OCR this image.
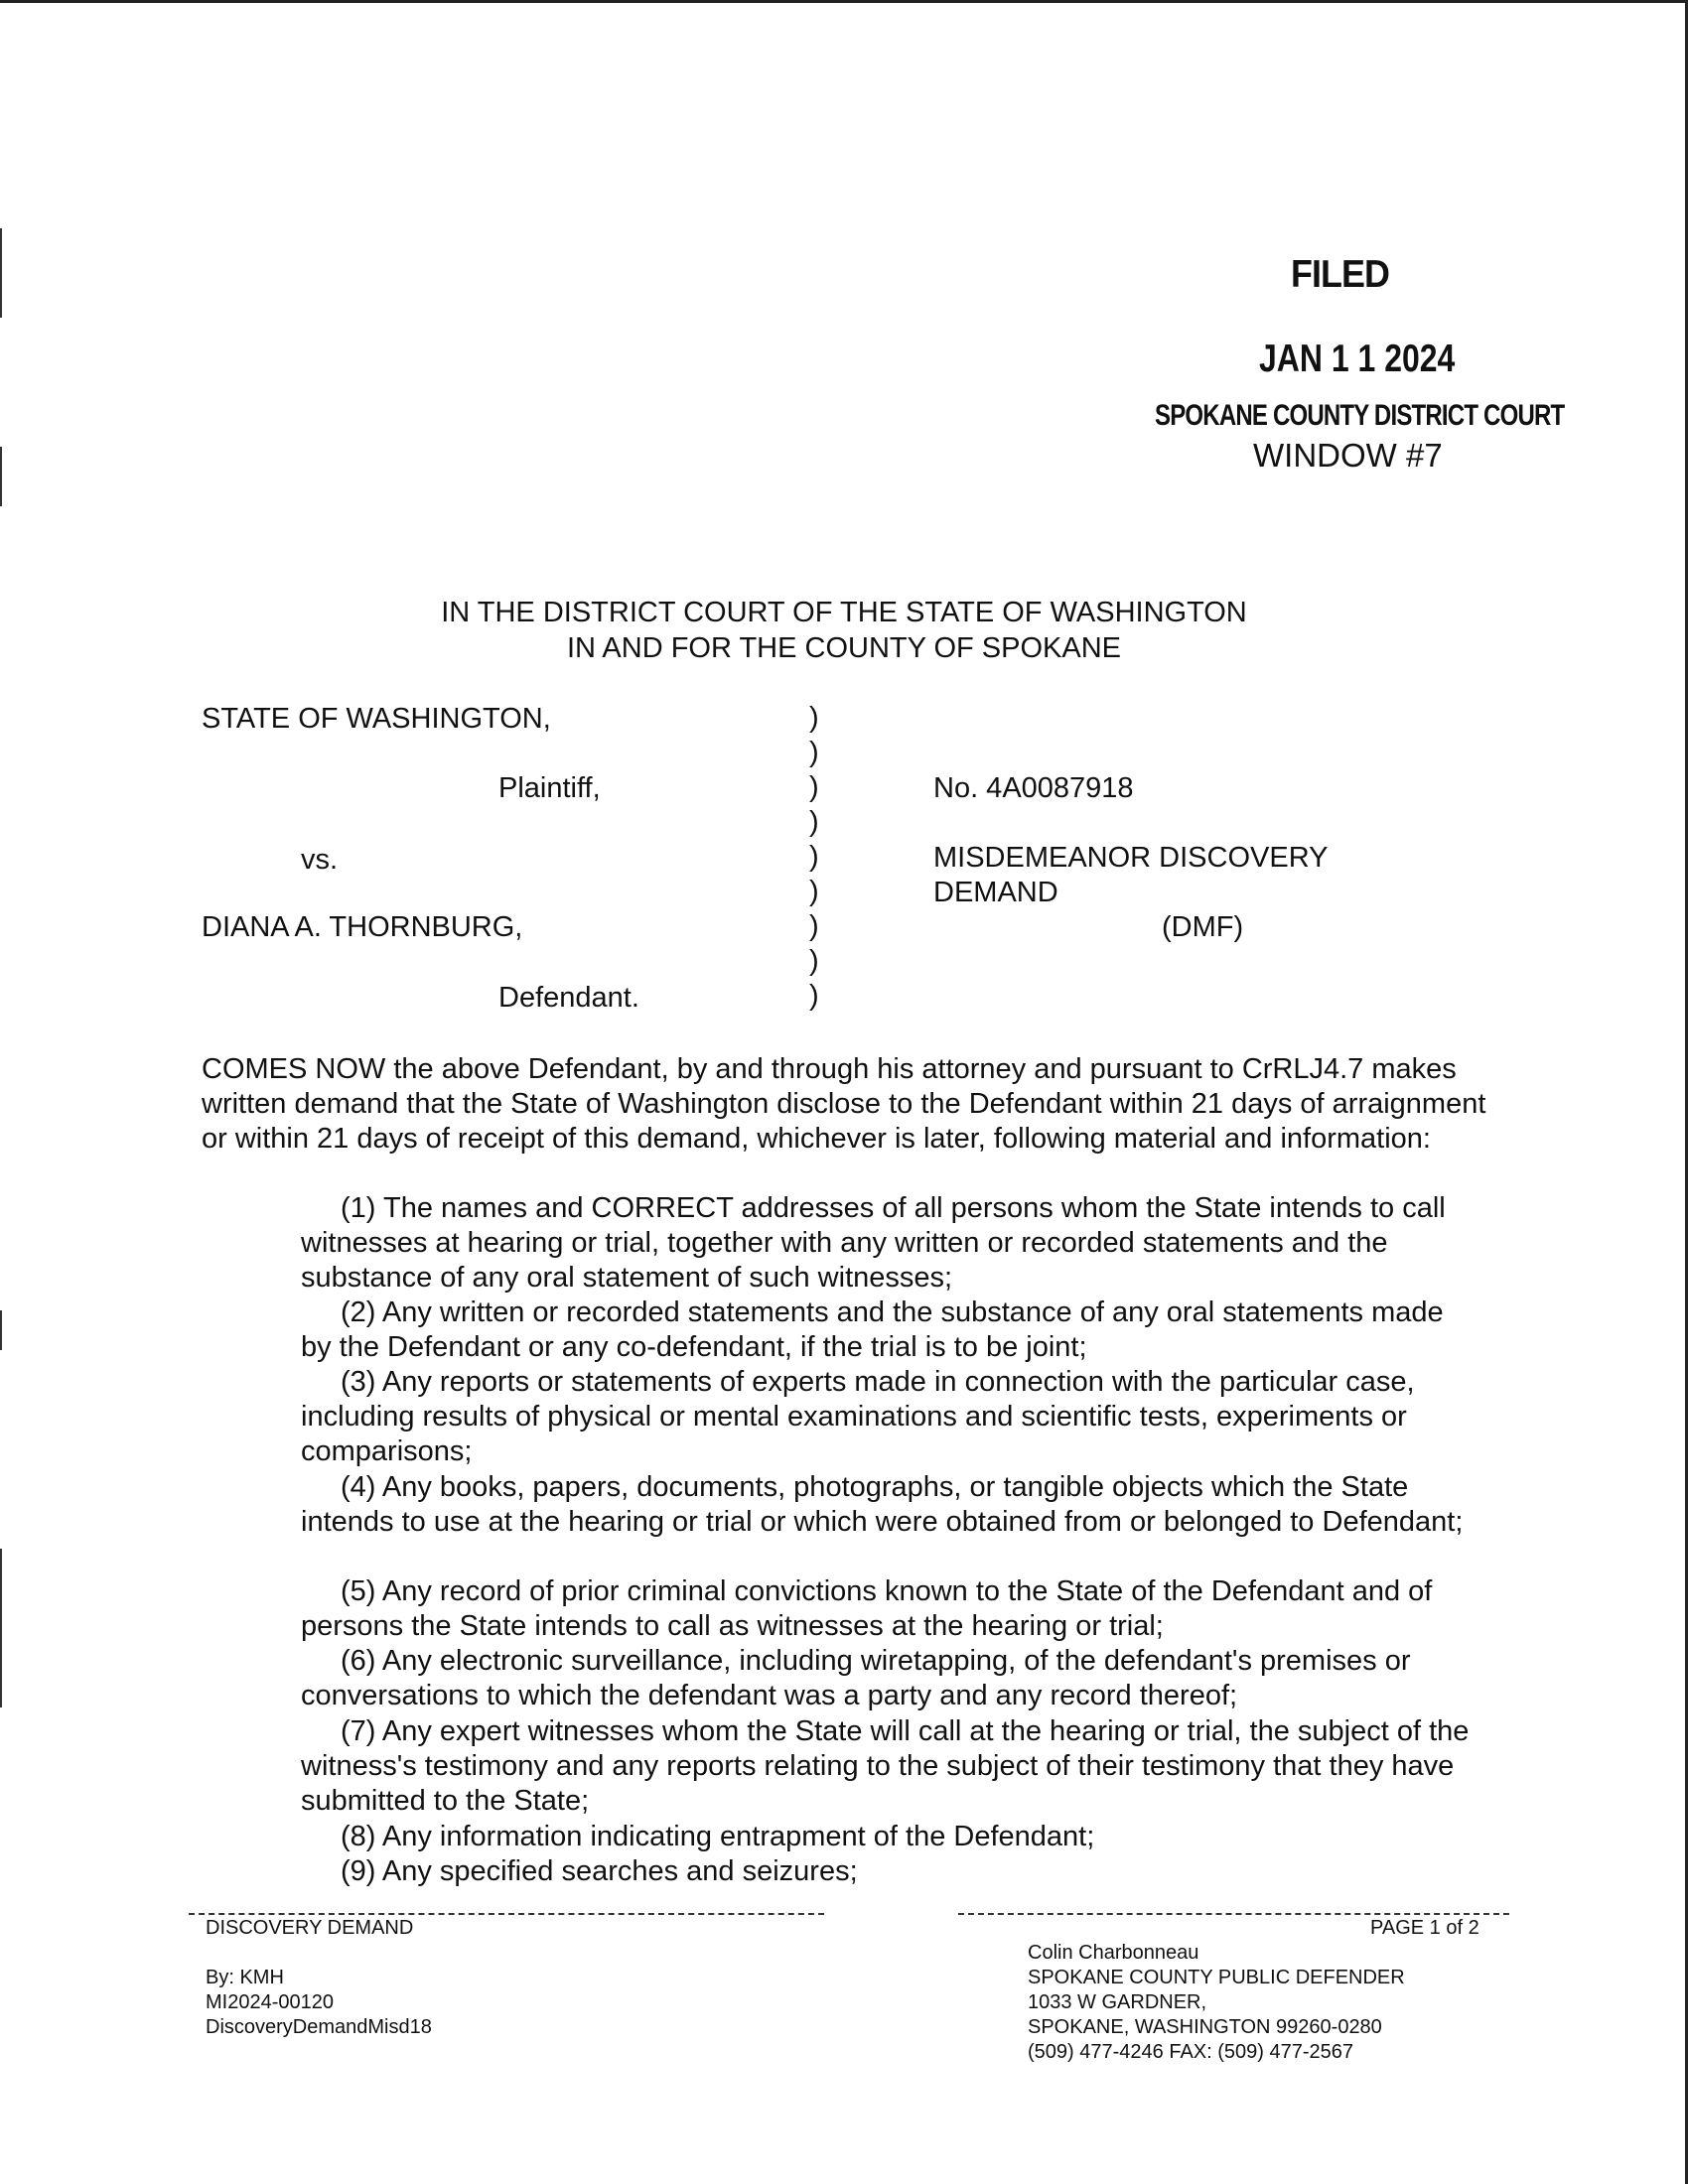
FILED
JAN 1 1 2024
SPOKANE COUNTY DISTRICT COURT
WINDOW #7
IN THE DISTRICT COURT OF THE STATE OF WASHINGTON
IN AND FOR THE COUNTY OF SPOKANE
STATE OF WASHINGTON,
Plaintiff,
vs.
DIANA A. THORNBURG,
Defendant.
)
)
)
)
)
)
)
)
)
No. 4A0087918
MISDEMEANOR DISCOVERY
DEMAND
(DMF)
COMES NOW the above Defendant, by and through his attorney and pursuant to CrRLJ4.7 makes written demand that the State of Washington disclose to the Defendant within 21 days of arraignment or within 21 days of receipt of this demand, whichever is later, following material and information:
(1) The names and CORRECT addresses of all persons whom the State intends to call witnesses at hearing or trial, together with any written or recorded statements and the substance of any oral statement of such witnesses;
(2) Any written or recorded statements and the substance of any oral statements made by the Defendant or any co-defendant, if the trial is to be joint;
(3) Any reports or statements of experts made in connection with the particular case, including results of physical or mental examinations and scientific tests, experiments or comparisons;
(4) Any books, papers, documents, photographs, or tangible objects which the State intends to use at the hearing or trial or which were obtained from or belonged to Defendant;
(5) Any record of prior criminal convictions known to the State of the Defendant and of persons the State intends to call as witnesses at the hearing or trial;
(6) Any electronic surveillance, including wiretapping, of the defendant's premises or conversations to which the defendant was a party and any record thereof;
(7) Any expert witnesses whom the State will call at the hearing or trial, the subject of the witness's testimony and any reports relating to the subject of their testimony that they have submitted to the State;
(8) Any information indicating entrapment of the Defendant;
(9) Any specified searches and seizures;
DISCOVERY DEMAND
By: KMH
MI2024-00120
DiscoveryDemandMisd18
PAGE 1 of 2
Colin Charbonneau
SPOKANE COUNTY PUBLIC DEFENDER
1033 W GARDNER,
SPOKANE, WASHINGTON 99260-0280
(509) 477-4246 FAX: (509) 477-2567
